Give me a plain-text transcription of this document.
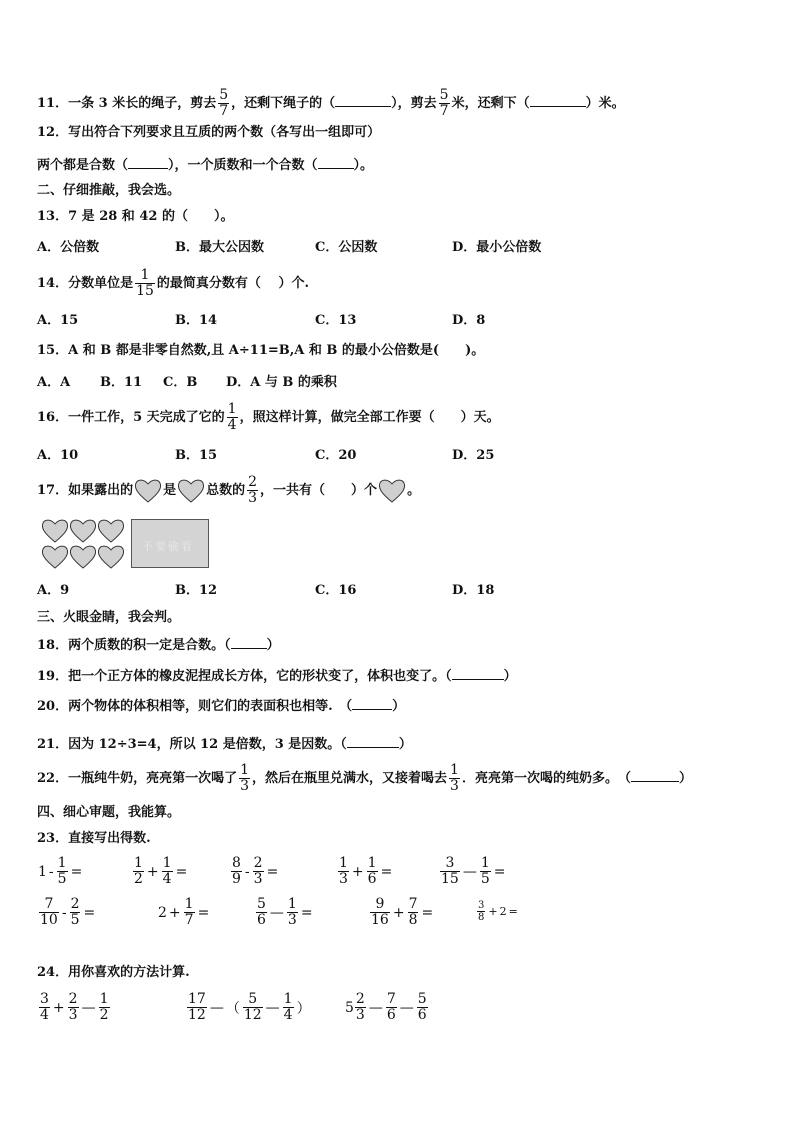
11．一条 3 米长的绳子，剪去 $\frac{5}{7}$ ，还剩下绳子的（	），剪去 $\frac{5}{7}$ 米，还剩下（	）米。
12．写出符合下列要求且互质的两个数（各写出一组即可）
两个都是合数（	），一个质数和一个合数（	）。
二、仔细推敲，我会选。
13．7 是 28 和 42 的（　　）。
A．公倍数	B．最大公因数	C．公因数	D．最小公倍数
14．分数单位是 $\frac{1}{15}$ 的最简真分数有（　 ）个.
A．15	B．14	C．13	D．8
15．A 和 B 都是非零自然数,且 A÷11=B,A 和 B 的最小公倍数是(　　)。
A．A B．11 C．B D．A 与 B 的乘积
16．一件工作，5 天完成了它的 $\frac{1}{4}$ ，照这样计算，做完全部工作要（　　）天。
A．10	B．15	C．20	D．25
17．如果露出的 是 总数的 $\frac{2}{3}$ ，一共有（　　）个 。
不要偷看
A．9	B．12	C．16	D．18
三、火眼金睛，我会判。
18．两个质数的积一定是合数。（	）
19．把一个正方体的橡皮泥捏成长方体，它的形状变了，体积也变了。（	）
20．两个物体的体积相等，则它们的表面积也相等.　（	）
21．因为 12÷3=4，所以 12 是倍数，3 是因数。（	）
22．一瓶纯牛奶，亮亮第一次喝了 $\frac{1}{3}$ ，然后在瓶里兑满水，又接着喝去 $\frac{1}{3}$ ．亮亮第一次喝的纯奶多。　（	）
四、细心审题，我能算。
23．直接写出得数.
$1 - \frac{1}{5}$ =	$\frac{1}{2} + \frac{1}{4}$ =	$\frac{8}{9} - \frac{2}{3}$ =	$\frac{1}{3} + \frac{1}{6}$ =	$\frac{3}{15}$ — $\frac{1}{5}$ =
$\frac{7}{10} - \frac{2}{5}$ =	$2 + \frac{1}{7}$ =	$\frac{5}{6}$ — $\frac{1}{3}$ =	$\frac{9}{16} + \frac{7}{8}$ =	$\frac{3}{8} + 2$ =
24．用你喜欢的方法计算.
$\frac{3}{4} + \frac{2}{3}$ — $\frac{1}{2}$	$\frac{17}{12}$ — （ $\frac{5}{12}$ — $\frac{1}{4}$ ） $5 \frac{2}{3}$ — $\frac{7}{6}$ — $\frac{5}{6}$
